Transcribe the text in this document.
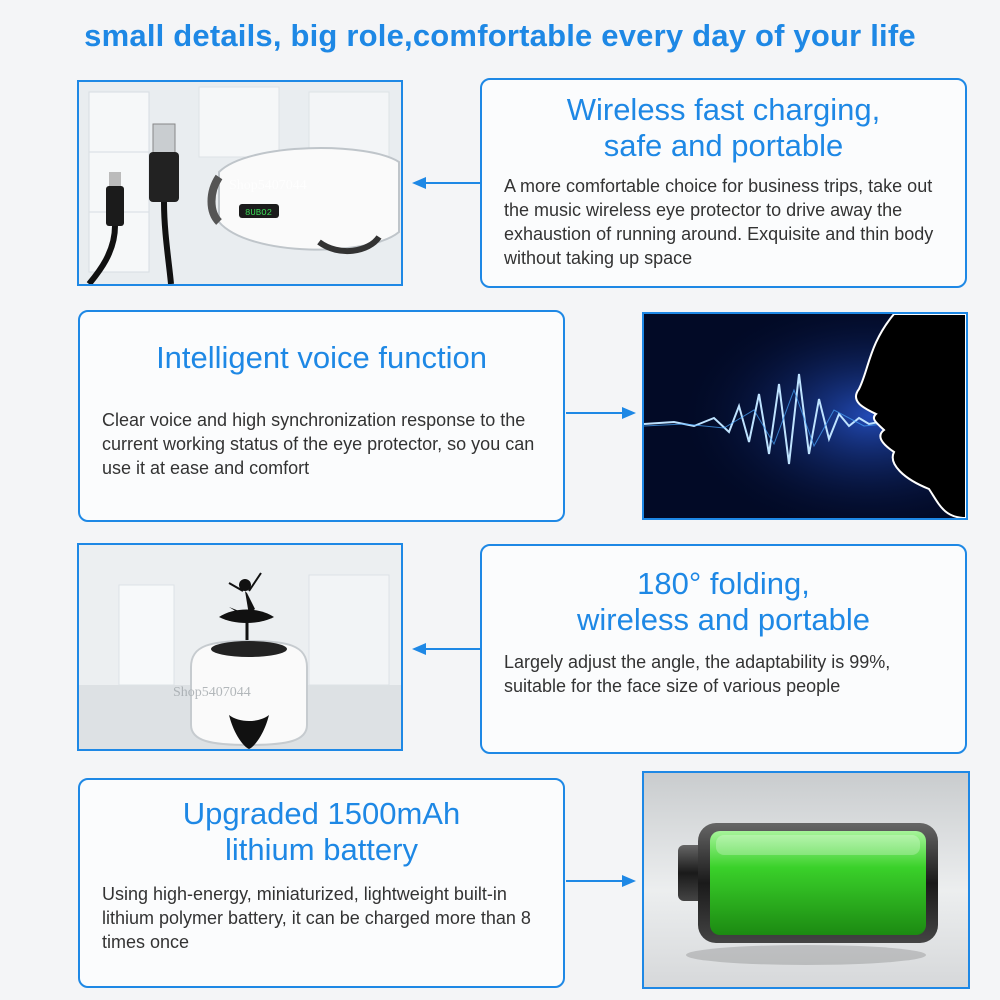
small details, big role,comfortable every day of your life
8UBO2
Shop5407044
Wireless fast charging,
safe and portable

A more comfortable choice for business trips, take out the music wireless eye protector to drive away the exhaustion of running around. Exquisite and thin body without taking up space

Intelligent voice function

Clear voice and high synchronization response to the current working status of the eye protector, so you can use it at ease and comfort

Shop5407044
180° folding,
wireless and portable

Largely adjust the angle, the adaptability is 99%, suitable for the face size of various people

Upgraded 1500mAh
lithium battery

Using high-energy, miniaturized, lightweight built-in lithium polymer battery, it can be charged more than 8 times once
